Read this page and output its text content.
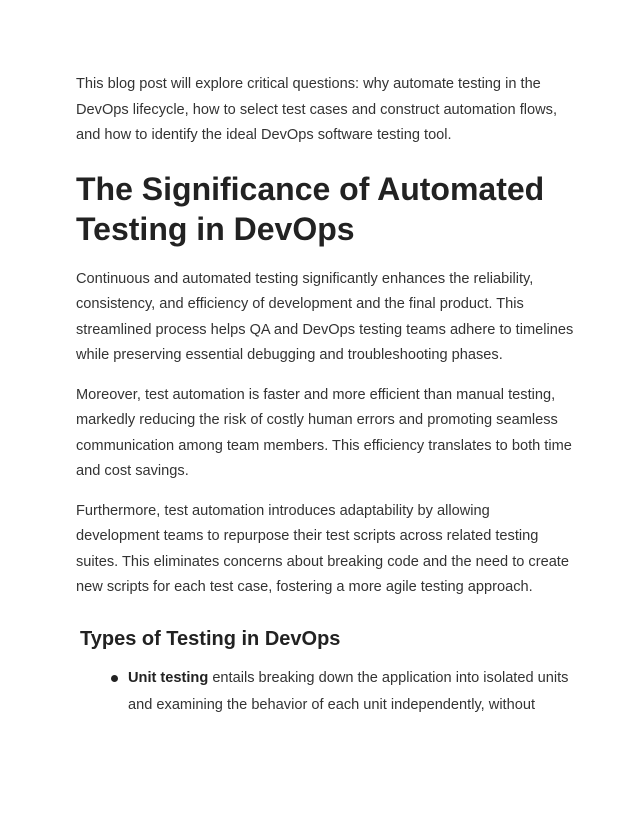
This blog post will explore critical questions: why automate testing in the DevOps lifecycle, how to select test cases and construct automation flows, and how to identify the ideal DevOps software testing tool.

The Significance of Automated Testing in DevOps

Continuous and automated testing significantly enhances the reliability, consistency, and efficiency of development and the final product. This streamlined process helps QA and DevOps testing teams adhere to timelines while preserving essential debugging and troubleshooting phases.

Moreover, test automation is faster and more efficient than manual testing, markedly reducing the risk of costly human errors and promoting seamless communication among team members. This efficiency translates to both time and cost savings.

Furthermore, test automation introduces adaptability by allowing development teams to repurpose their test scripts across related testing suites. This eliminates concerns about breaking code and the need to create new scripts for each test case, fostering a more agile testing approach.

Types of Testing in DevOps
Unit testing entails breaking down the application into isolated units and examining the behavior of each unit independently, without
